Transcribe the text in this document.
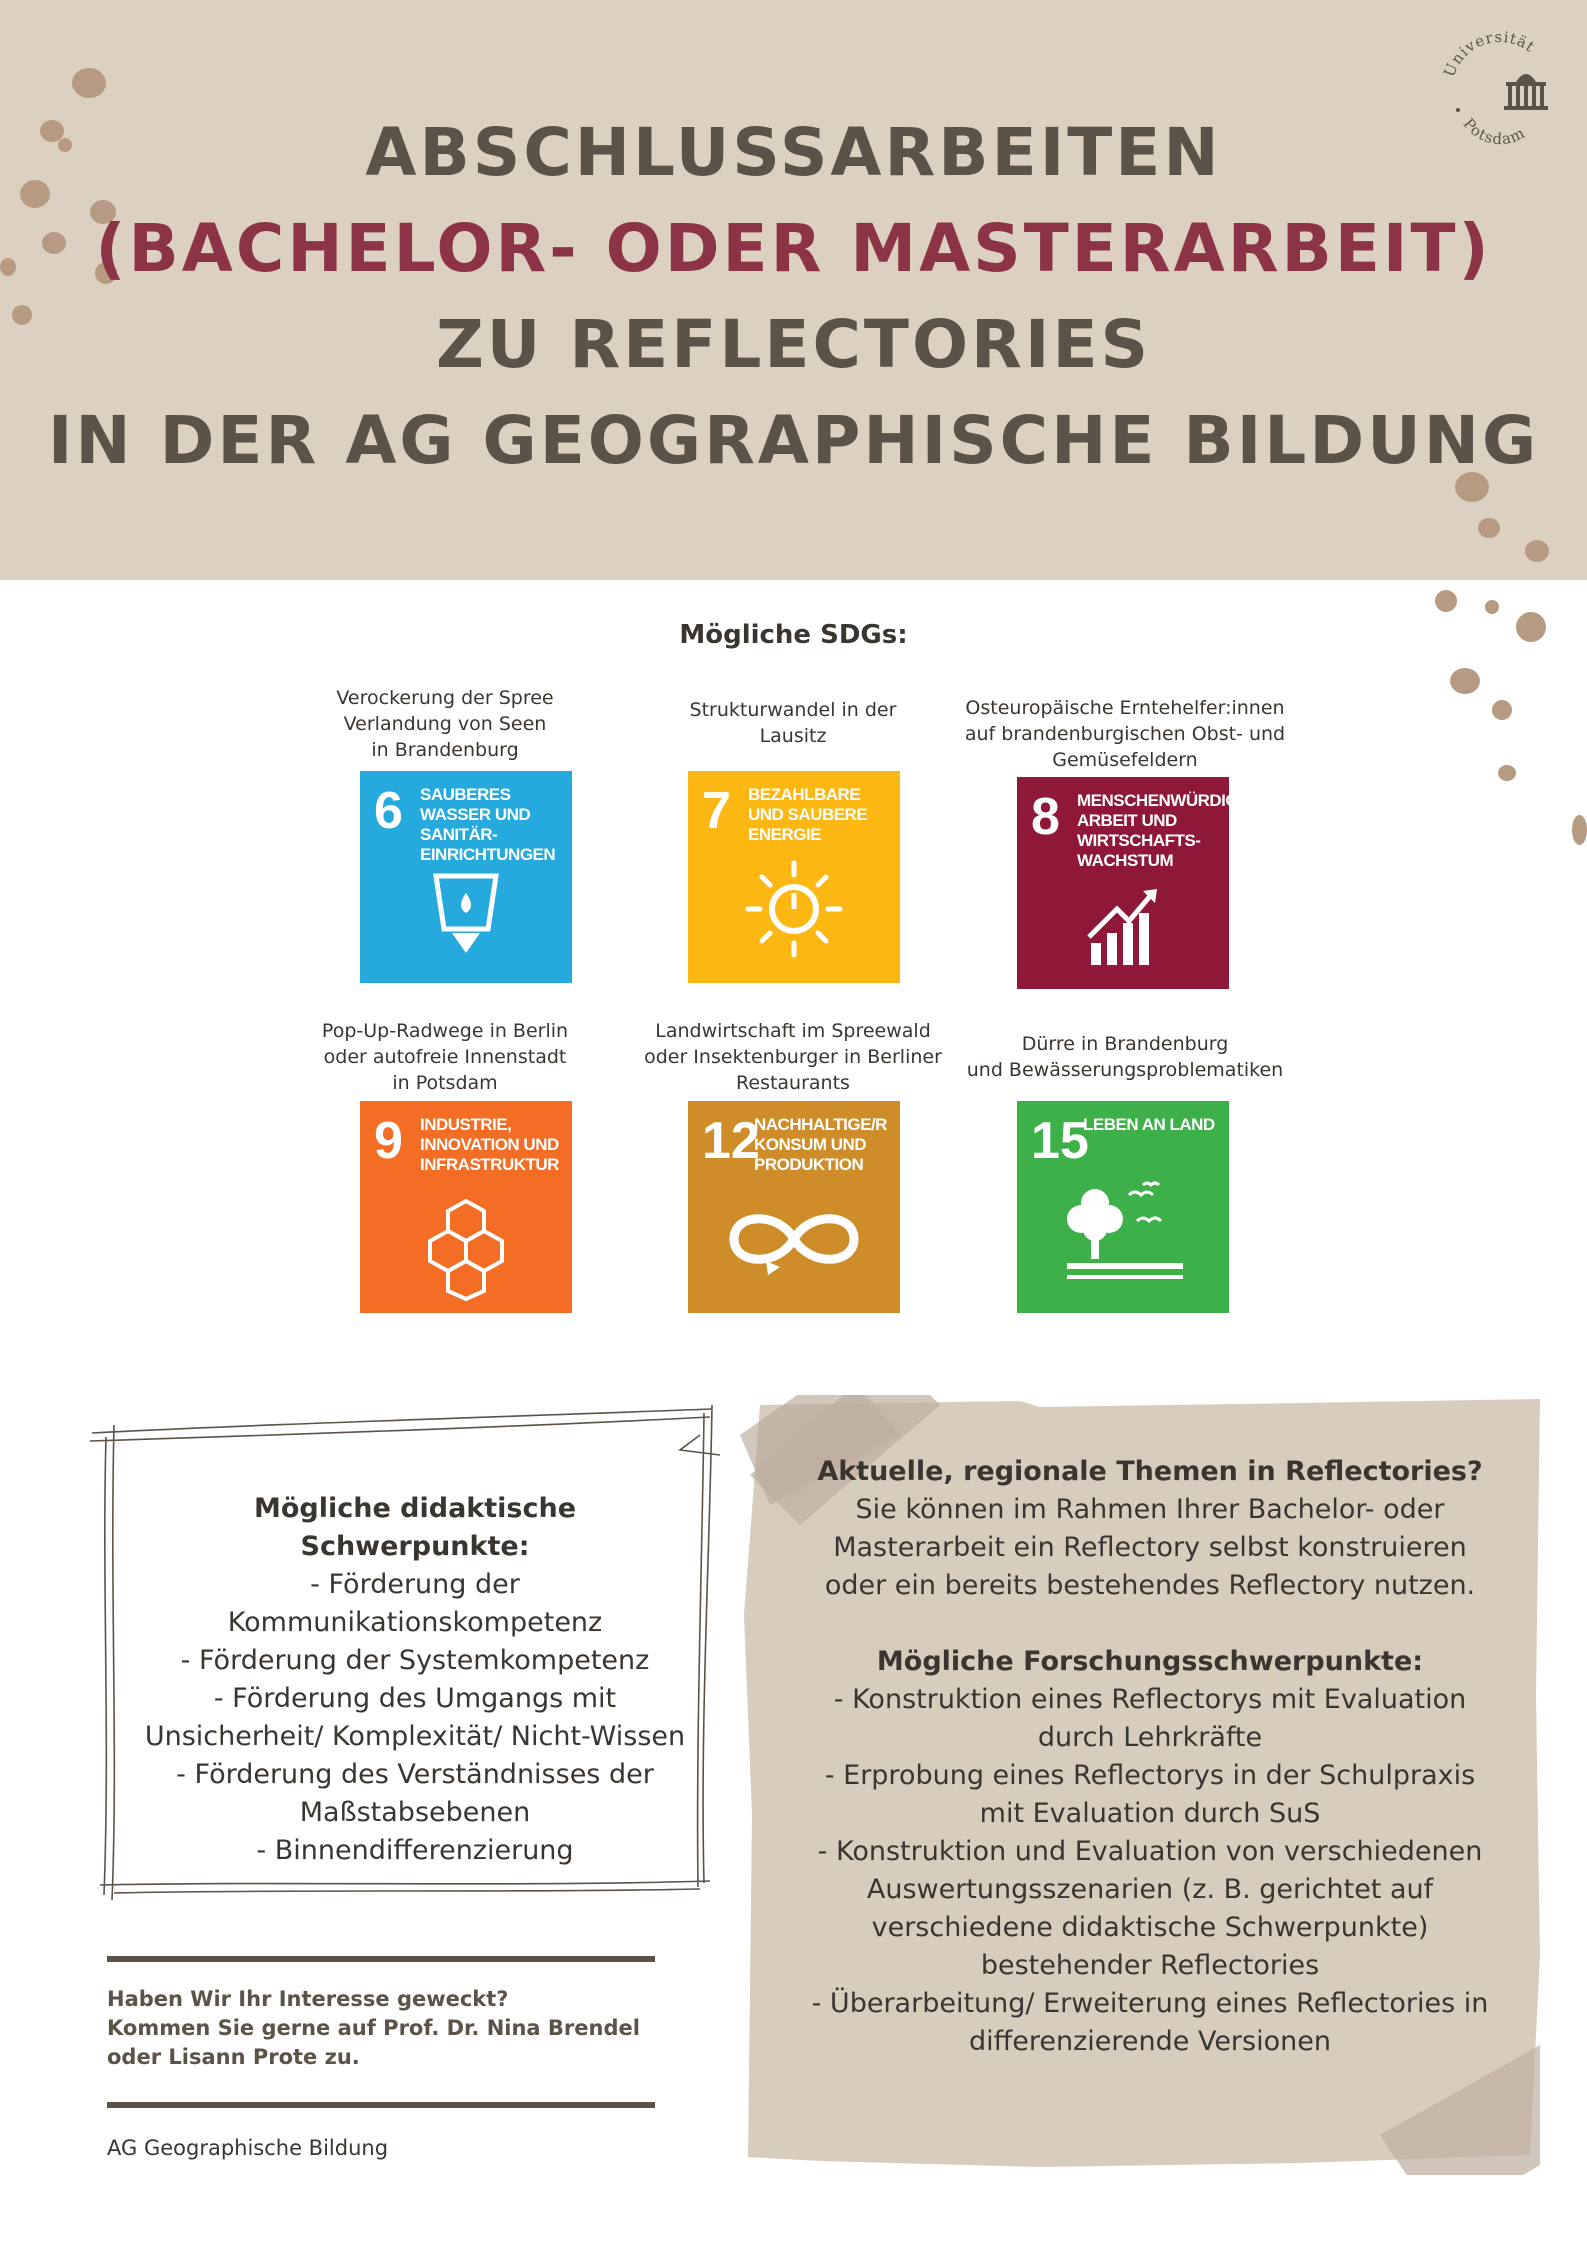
Universität
Potsdam
ABSCHLUSSARBEITEN
(BACHELOR- ODER MASTERARBEIT)
ZU REFLECTORIES
IN DER AG GEOGRAPHISCHE BILDUNG
Mögliche SDGs:
Verockerung der Spree
Verlandung von Seen
in Brandenburg
Strukturwandel in der
Lausitz
Osteuropäische Erntehelfer:innen
auf brandenburgischen Obst- und
Gemüsefeldern
Pop-Up-Radwege in Berlin
oder autofreie Innenstadt
in Potsdam
Landwirtschaft im Spreewald
oder Insektenburger in Berliner
Restaurants
Dürre in Brandenburg
und Bewässerungsproblematiken
6 SAUBERES WASSER UND SANITÄR-EINRICHTUNGEN
7 BEZAHLBARE UND SAUBERE ENERGIE	8 MENSCHENWÜRDIGE ARBEIT UND WIRTSCHAFTS-WACHSTUM
9 INDUSTRIE, INNOVATION UND INFRASTRUKTUR	12
NACHHALTIGE/R KONSUM UND PRODUKTION	15
LEBEN AN LAND
Mögliche didaktische Schwerpunkte:
- Förderung der
Kommunikationskompetenz
- Förderung der Systemkompetenz
- Förderung des Umgangs mit
Unsicherheit/ Komplexität/ Nicht-Wissen
- Förderung des Verständnisses der
Maßstabsebenen
- Binnendifferenzierung
Aktuelle, regionale Themen in Reflectories?
Sie können im Rahmen Ihrer Bachelor- oder
Masterarbeit ein Reflectory selbst konstruieren
oder ein bereits bestehendes Reflectory nutzen.
Mögliche Forschungsschwerpunkte:
- Konstruktion eines Reflectorys mit Evaluation
durch Lehrkräfte
- Erprobung eines Reflectorys in der Schulpraxis
mit Evaluation durch SuS
- Konstruktion und Evaluation von verschiedenen
Auswertungsszenarien (z. B. gerichtet auf
verschiedene didaktische Schwerpunkte)
bestehender Reflectories
- Überarbeitung/ Erweiterung eines Reflectories in
differenzierende Versionen
Haben Wir Ihr Interesse geweckt?
Kommen Sie gerne auf Prof. Dr. Nina Brendel
oder Lisann Prote zu.
AG Geographische Bildung
